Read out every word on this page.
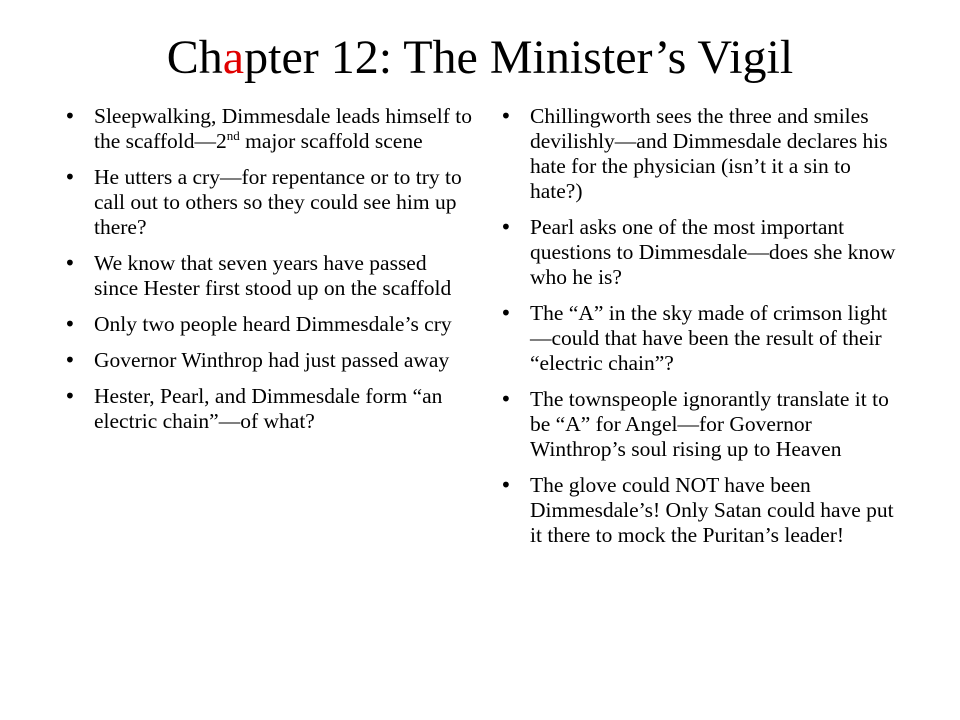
Chapter 12: The Minister’s Vigil
• Sleepwalking, Dimmesdale leads himself to the scaffold—2nd major scaffold scene
• He utters a cry—for repentance or to try to call out to others so they could see him up there?
• We know that seven years have passed since Hester first stood up on the scaffold
• Only two people heard Dimmesdale’s cry
• Governor Winthrop had just passed away
• Hester, Pearl, and Dimmesdale form “an electric chain”—of what?
• Chillingworth sees the three and smiles devilishly—and Dimmesdale declares his hate for the physician (isn’t it a sin to hate?)
• Pearl asks one of the most important questions to Dimmesdale—does she know who he is?
• The “A” in the sky made of crimson light—could that have been the result of their “electric chain”?
• The townspeople ignorantly translate it to be “A” for Angel—for Governor Winthrop’s soul rising up to Heaven
• The glove could NOT have been Dimmesdale’s! Only Satan could have put it there to mock the Puritan’s leader!
